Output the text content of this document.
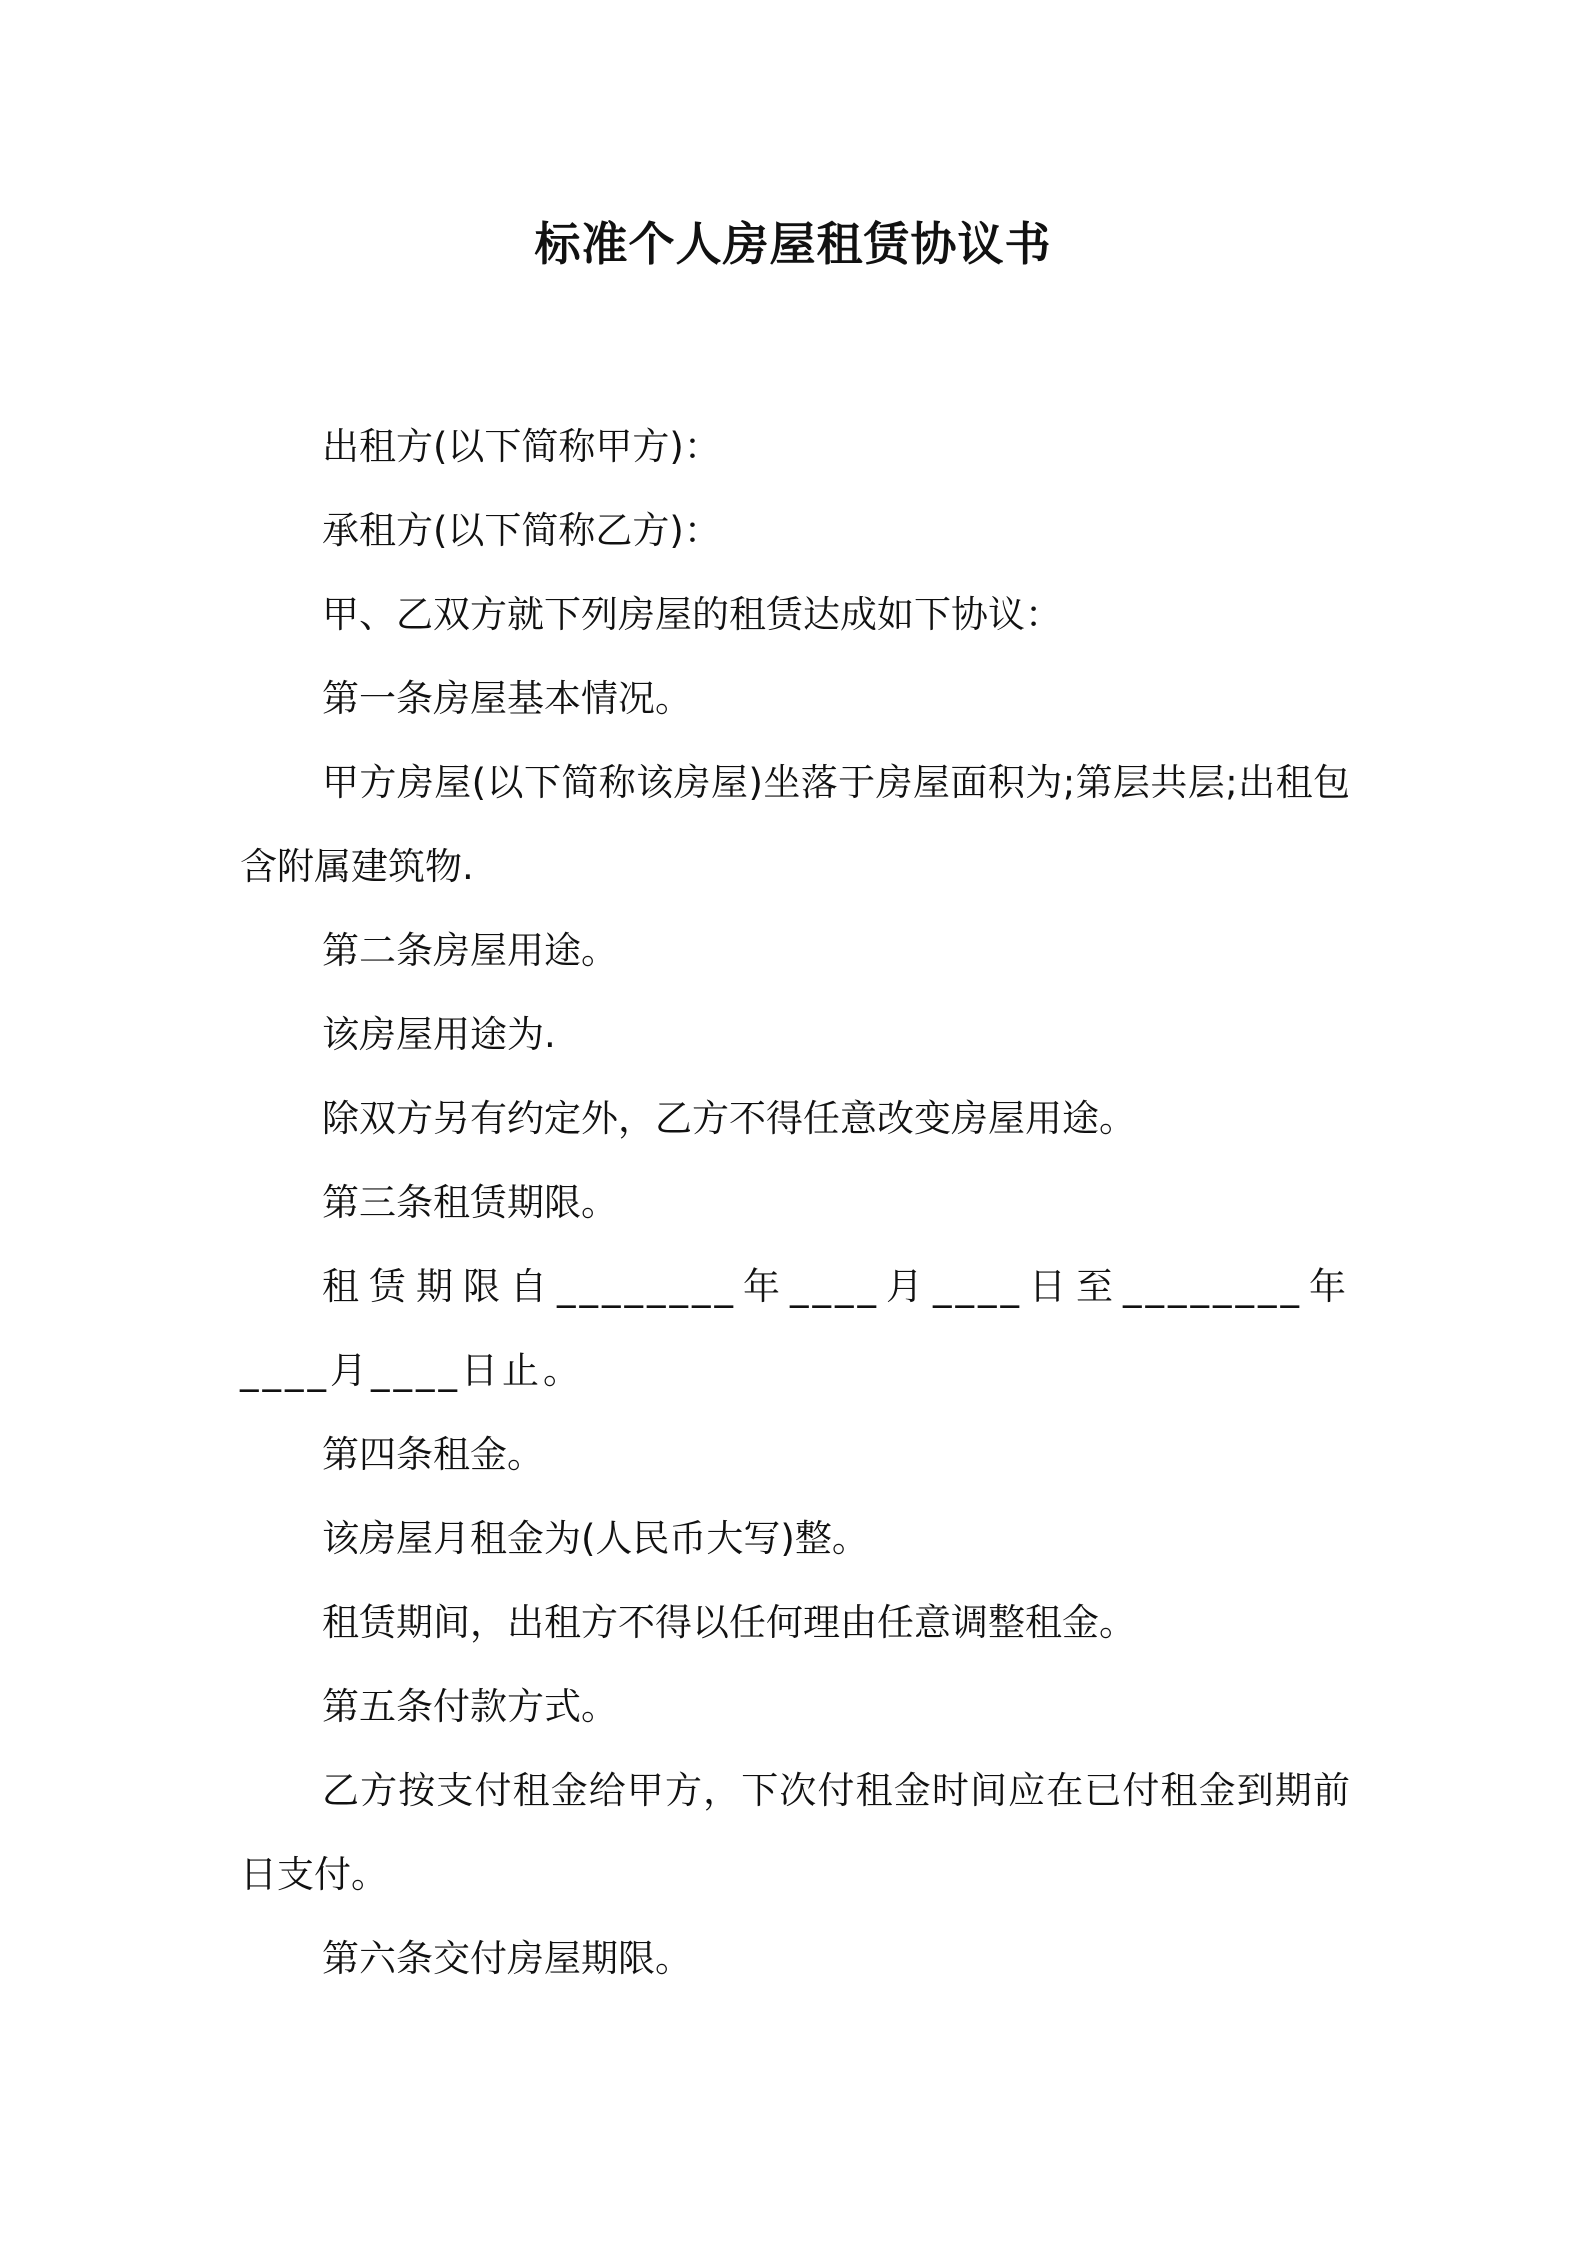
标准个人房屋租赁协议书

出租方(以下简称甲方)：

承租方(以下简称乙方)：

甲、乙双方就下列房屋的租赁达成如下协议：

第一条房屋基本情况。

甲方房屋(以下简称该房屋)坐落于房屋面积为;第层共层;出租包含附属建筑物.

第二条房屋用途。

该房屋用途为.

除双方另有约定外，乙方不得任意改变房屋用途。

第三条租赁期限。

租赁期限自________年____月____日至________年____月____日止。

第四条租金。

该房屋月租金为(人民币大写)整。

租赁期间，出租方不得以任何理由任意调整租金。

第五条付款方式。

乙方按支付租金给甲方，下次付租金时间应在已付租金到期前日支付。

第六条交付房屋期限。
